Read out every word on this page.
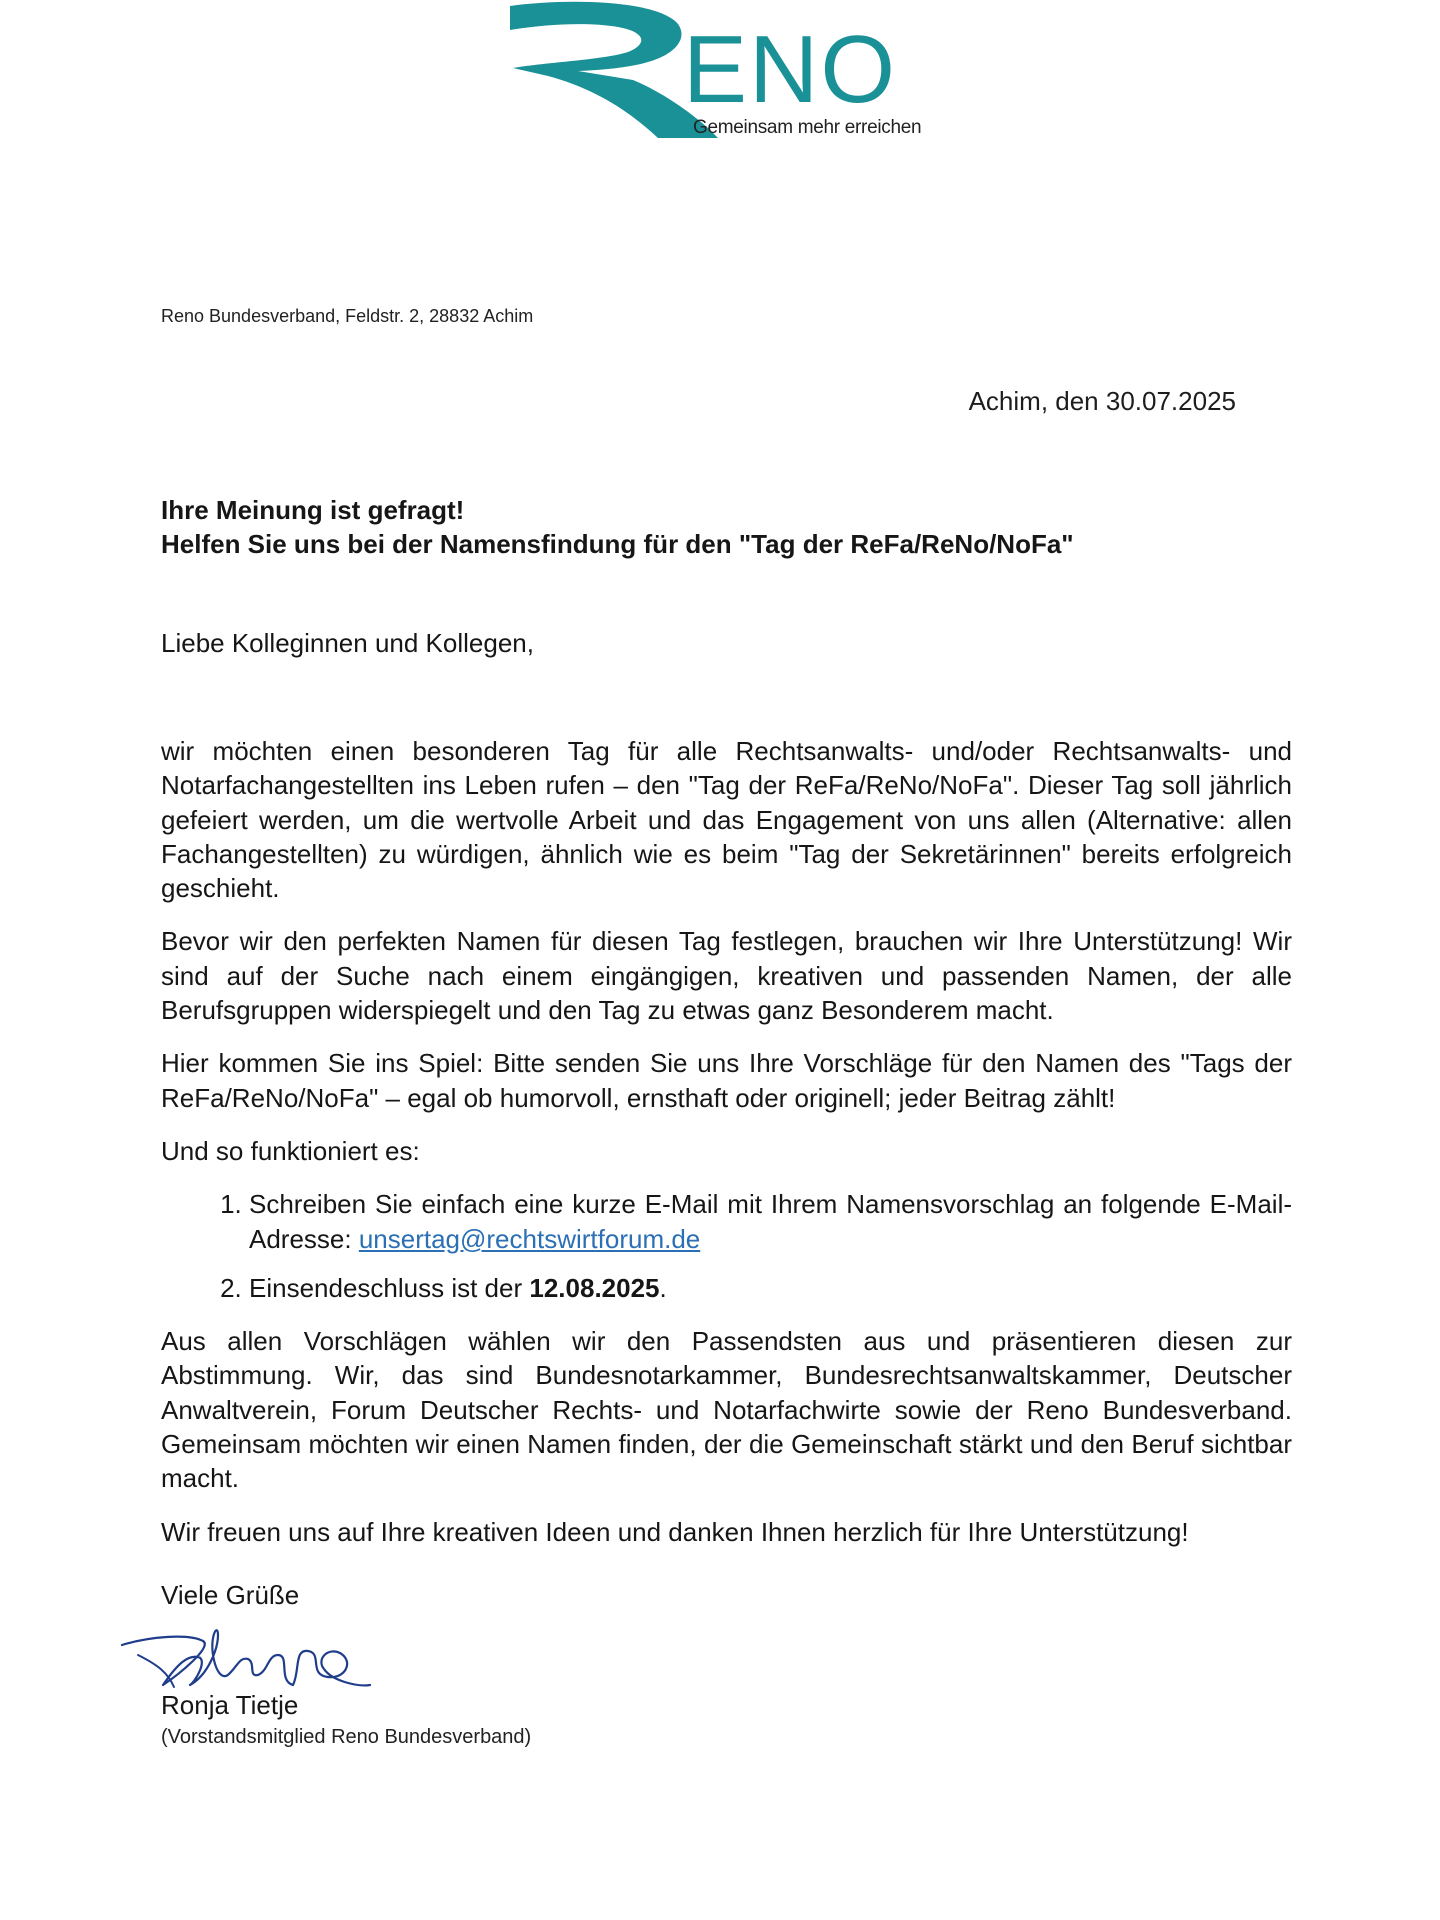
ENO
Gemeinsam mehr erreichen
Reno Bundesverband, Feldstr. 2, 28832 Achim
Achim, den 30.07.2025
Ihre Meinung ist gefragt!
Helfen Sie uns bei der Namensfindung für den "Tag der ReFa/ReNo/NoFa"
Liebe Kolleginnen und Kollegen,

wir möchten einen besonderen Tag für alle Rechtsanwalts- und/oder Rechtsanwalts- und Notarfachangestellten ins Leben rufen – den "Tag der ReFa/ReNo/NoFa". Dieser Tag soll jährlich gefeiert werden, um die wertvolle Arbeit und das Engagement von uns allen (Alternative: allen Fachangestellten) zu würdigen, ähnlich wie es beim "Tag der Sekretärinnen" bereits erfolgreich geschieht.

Bevor wir den perfekten Namen für diesen Tag festlegen, brauchen wir Ihre Unterstützung! Wir sind auf der Suche nach einem eingängigen, kreativen und passenden Namen, der alle Berufsgruppen widerspiegelt und den Tag zu etwas ganz Besonderem macht.

Hier kommen Sie ins Spiel: Bitte senden Sie uns Ihre Vorschläge für den Namen des "Tags der ReFa/ReNo/NoFa" – egal ob humorvoll, ernsthaft oder originell; jeder Beitrag zählt!

Und so funktioniert es:

1. Schreiben Sie einfach eine kurze E-Mail mit Ihrem Namensvorschlag an folgende E-Mail-Adresse: unsertag@rechtswirtforum.de
2. Einsendeschluss ist der 12.08.2025.

Aus allen Vorschlägen wählen wir den Passendsten aus und präsentieren diesen zur Abstimmung. Wir, das sind Bundesnotarkammer, Bundesrechtsanwaltskammer, Deutscher Anwaltverein, Forum Deutscher Rechts- und Notarfachwirte sowie der Reno Bundesverband. Gemeinsam möchten wir einen Namen finden, der die Gemeinschaft stärkt und den Beruf sichtbar macht.

Wir freuen uns auf Ihre kreativen Ideen und danken Ihnen herzlich für Ihre Unterstützung!

Viele Grüße
Ronja Tietje
(Vorstandsmitglied Reno Bundesverband)
